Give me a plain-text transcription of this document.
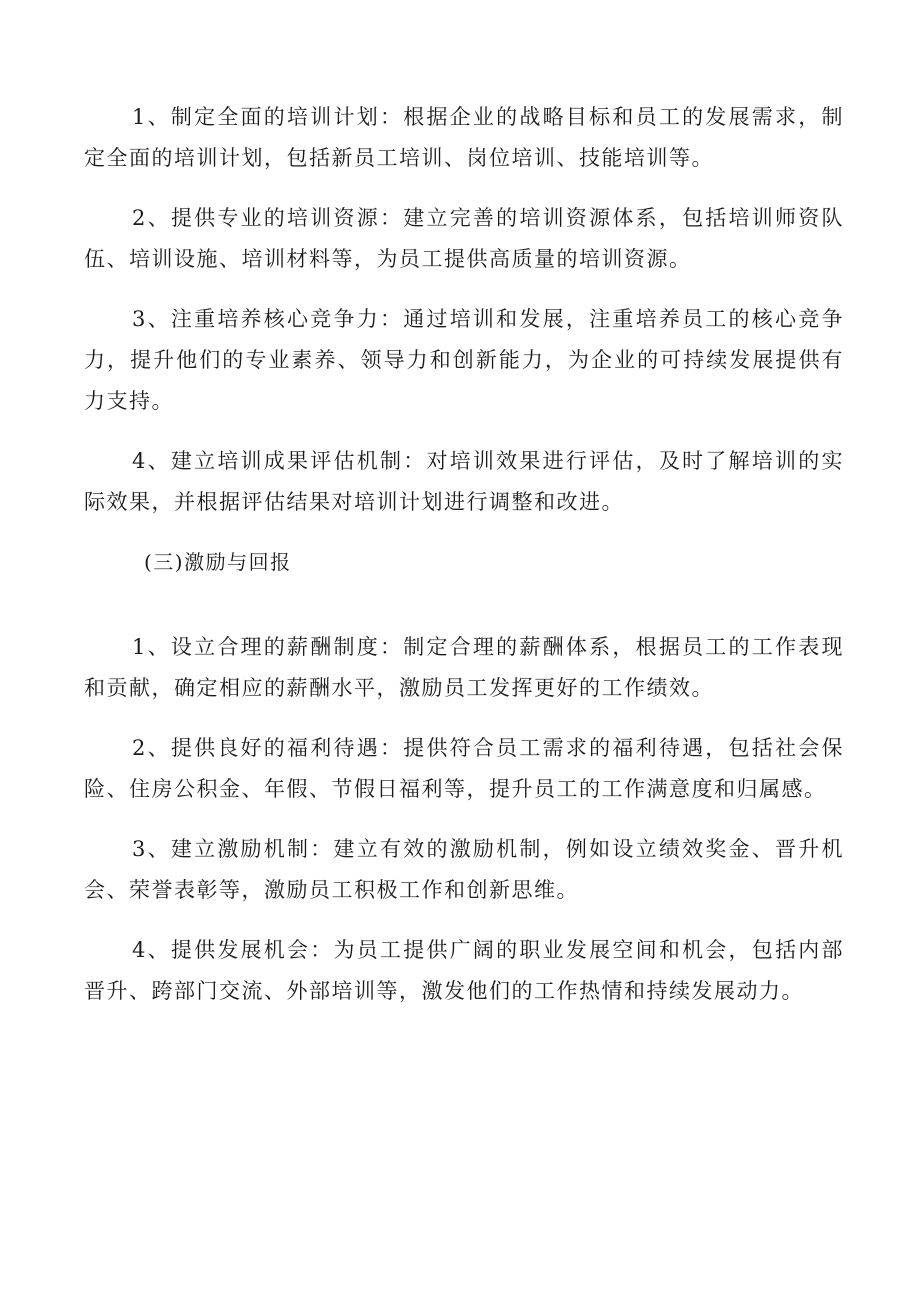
1、制定全面的培训计划：根据企业的战略目标和员工的发展需求，制定全面的培训计划，包括新员工培训、岗位培训、技能培训等。

2、提供专业的培训资源：建立完善的培训资源体系，包括培训师资队伍、培训设施、培训材料等，为员工提供高质量的培训资源。

3、注重培养核心竞争力：通过培训和发展，注重培养员工的核心竞争力，提升他们的专业素养、领导力和创新能力，为企业的可持续发展提供有力支持。

4、建立培训成果评估机制：对培训效果进行评估，及时了解培训的实际效果，并根据评估结果对培训计划进行调整和改进。

(三)激励与回报

1、设立合理的薪酬制度：制定合理的薪酬体系，根据员工的工作表现和贡献，确定相应的薪酬水平，激励员工发挥更好的工作绩效。

2、提供良好的福利待遇：提供符合员工需求的福利待遇，包括社会保险、住房公积金、年假、节假日福利等，提升员工的工作满意度和归属感。

3、建立激励机制：建立有效的激励机制，例如设立绩效奖金、晋升机会、荣誉表彰等，激励员工积极工作和创新思维。

4、提供发展机会：为员工提供广阔的职业发展空间和机会，包括内部晋升、跨部门交流、外部培训等，激发他们的工作热情和持续发展动力。
